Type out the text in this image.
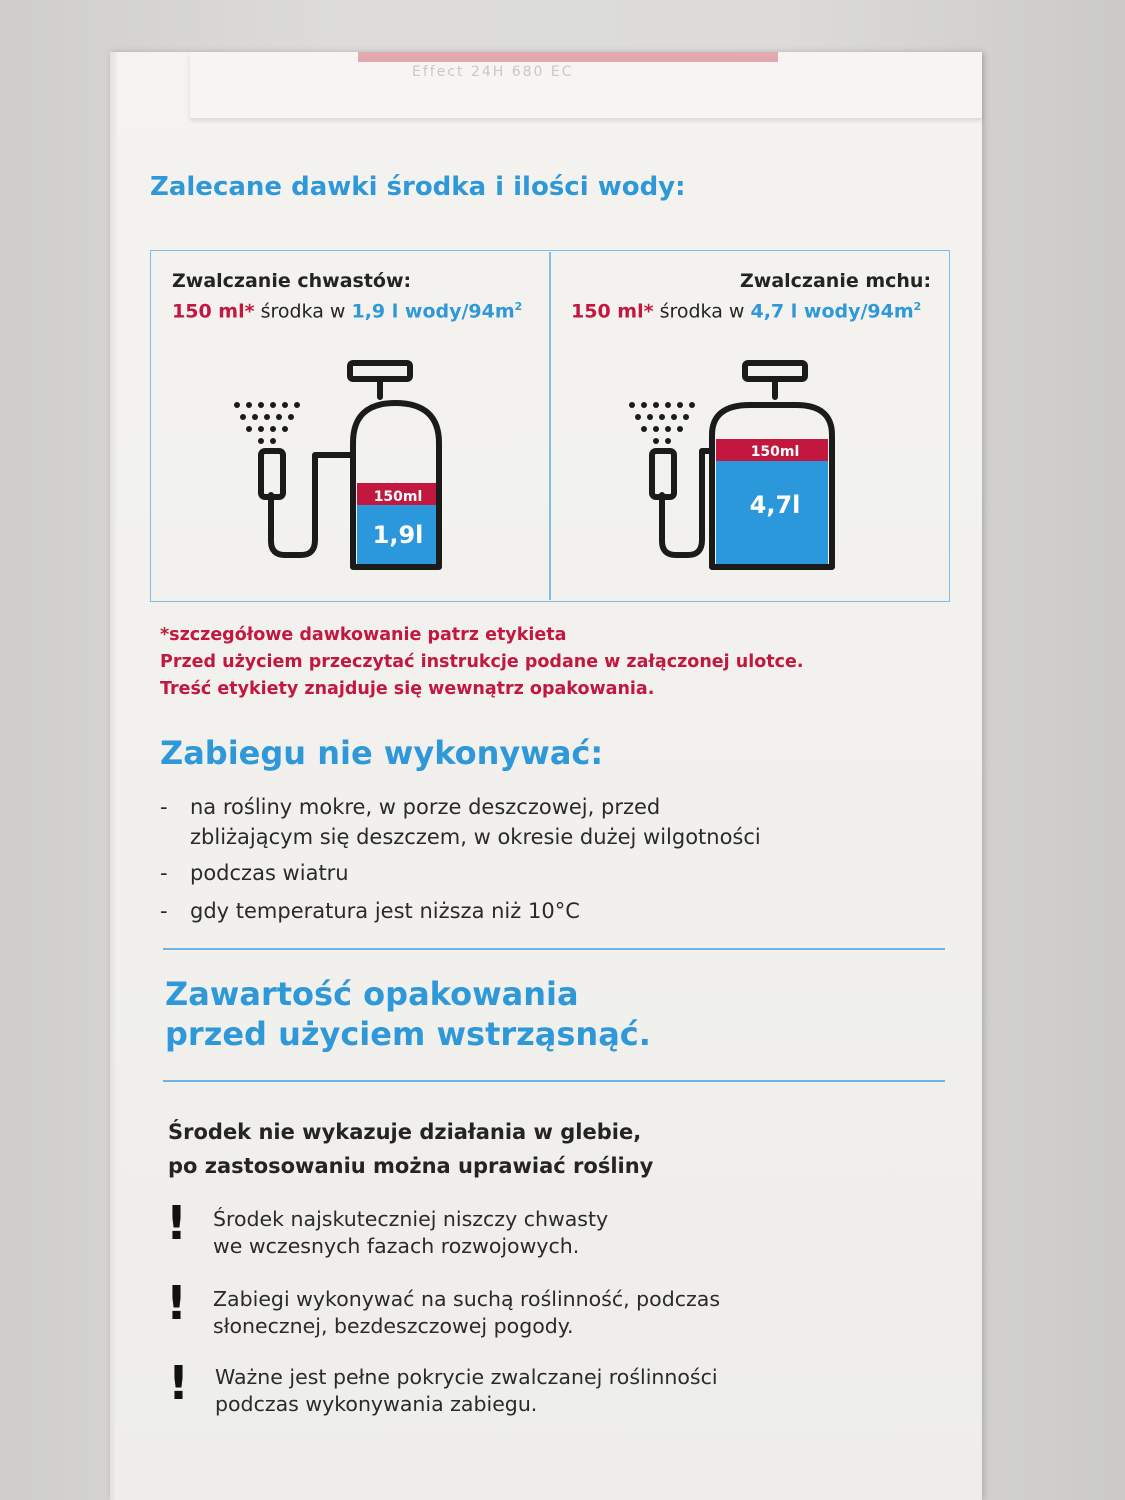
Effect 24H 680 EC
Zalecane dawki środka i ilości wody:
Zwalczanie chwastów:
150 ml* środka w 1,9 l wody/$94m^2$
Zwalczanie mchu:
150 ml* środka w 4,7 l wody/$94m^2$
150ml
1,9l
150ml
4,7l
*szczegółowe dawkowanie patrz etykieta
Przed użyciem przeczytać instrukcje podane w załączonej ulotce.
Treść etykiety znajduje się wewnątrz opakowania.
Zabiegu nie wykonywać:
- na rośliny mokre, w porze deszczowej, przed
zbliżającym się deszczem, w okresie dużej wilgotności
- podczas wiatru
- gdy temperatura jest niższa niż 10°C
Zawartość opakowania
przed użyciem wstrząsnąć.
Środek nie wykazuje działania w glebie,
po zastosowaniu można uprawiać rośliny
! Środek najskuteczniej niszczy chwasty
we wczesnych fazach rozwojowych.
! Zabiegi wykonywać na suchą roślinność, podczas
słonecznej, bezdeszczowej pogody.
! Ważne jest pełne pokrycie zwalczanej roślinności
podczas wykonywania zabiegu.
